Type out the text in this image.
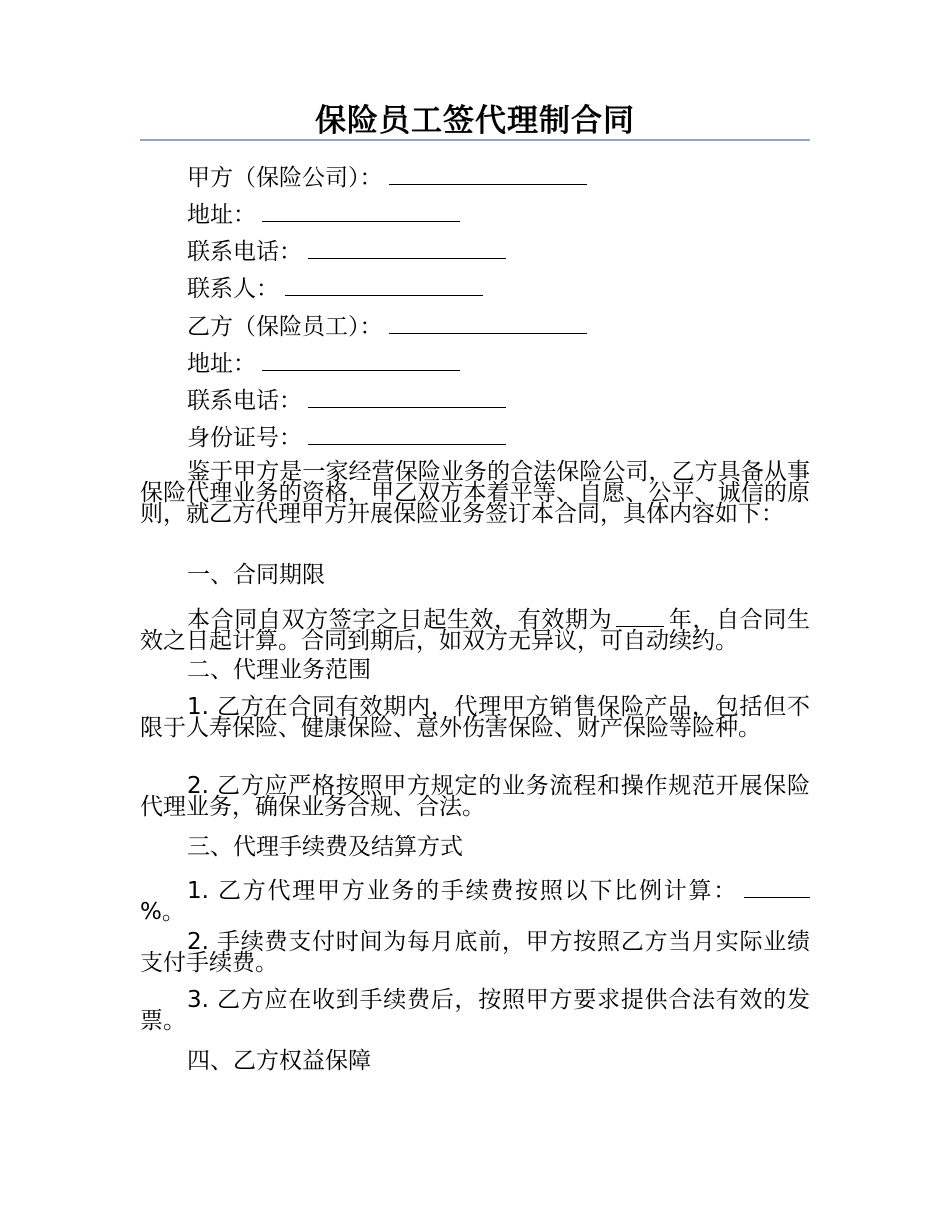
保险员工签代理制合同
甲方（保险公司）：
地址：
联系电话：
联系人：
乙方（保险员工）：
地址：
联系电话：
身份证号：
鉴于甲方是一家经营保险业务的合法保险公司，乙方具备从事保险代理业务的资格，甲乙双方本着平等、自愿、公平、诚信的原则，就乙方代理甲方开展保险业务签订本合同，具体内容如下：
一、合同期限
本合同自双方签字之日起生效，有效期为 年，自合同生效之日起计算。合同到期后，如双方无异议，可自动续约。
二、代理业务范围
1. 乙方在合同有效期内，代理甲方销售保险产品，包括但不限于人寿保险、健康保险、意外伤害保险、财产保险等险种。
2. 乙方应严格按照甲方规定的业务流程和操作规范开展保险代理业务，确保业务合规、合法。
三、代理手续费及结算方式
1. 乙方代理甲方业务的手续费按照以下比例计算：%。
2. 手续费支付时间为每月底前，甲方按照乙方当月实际业绩支付手续费。
3. 乙方应在收到手续费后，按照甲方要求提供合法有效的发票。
四、乙方权益保障
